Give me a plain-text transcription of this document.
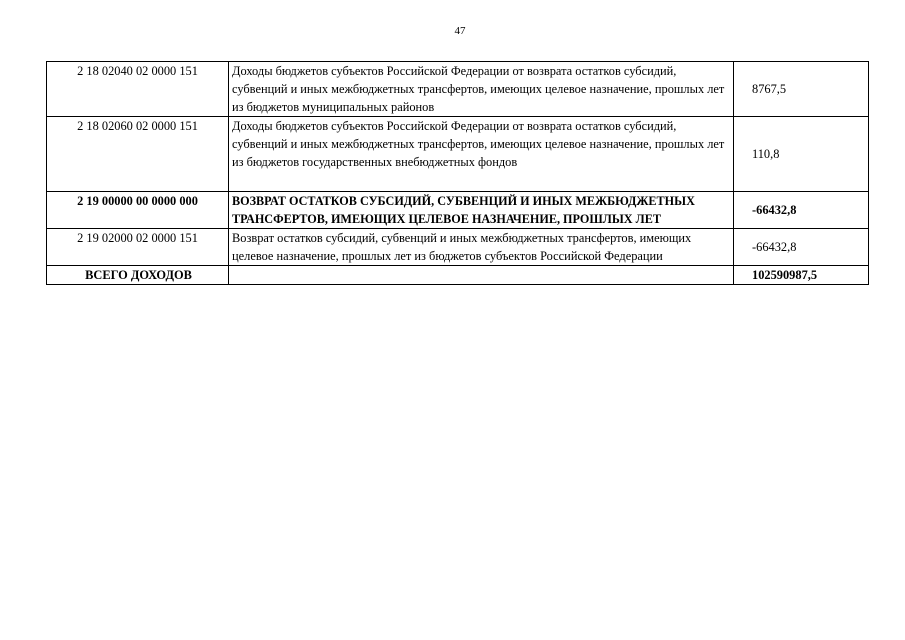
47
2 18 02040 02 0000 151	Доходы бюджетов субъектов Российской Федерации от возврата остатков субсидий, субвенций и иных межбюджетных трансфертов, имеющих целевое назначение, прошлых лет из бюджетов муниципальных районов	8767,5
2 18 02060 02 0000 151	Доходы бюджетов субъектов Российской Федерации от возврата остатков субсидий, субвенций и иных межбюджетных трансфертов, имеющих целевое назначение, прошлых лет из бюджетов государственных внебюджетных фондов	110,8
2 19 00000 00 0000 000	ВОЗВРАТ ОСТАТКОВ СУБСИДИЙ, СУБВЕНЦИЙ И ИНЫХ МЕЖБЮДЖЕТНЫХ ТРАНСФЕРТОВ, ИМЕЮЩИХ ЦЕЛЕВОЕ НАЗНАЧЕНИЕ, ПРОШЛЫХ ЛЕТ	-66432,8
2 19 02000 02 0000 151	Возврат остатков субсидий, субвенций и иных межбюджетных трансфертов, имеющих целевое назначение, прошлых лет из бюджетов субъектов Российской Федерации	-66432,8
ВСЕГО ДОХОДОВ		102590987,5
